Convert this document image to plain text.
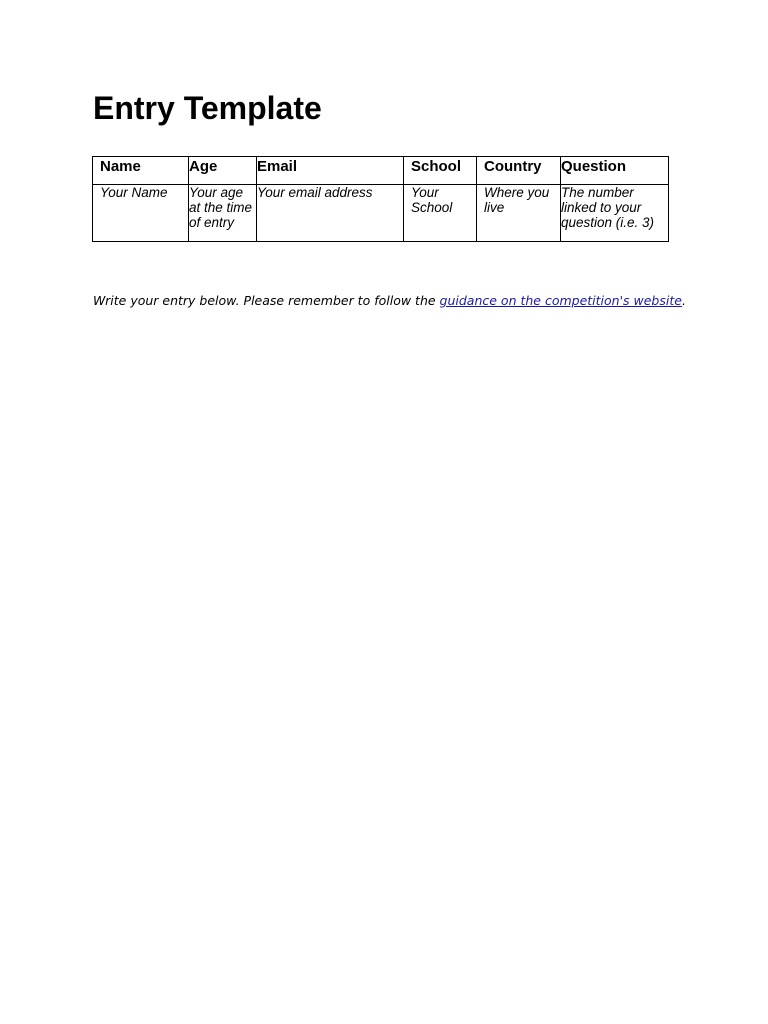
Entry Template
Name	Age	Email	School	Country	Question
Your Name	Your age at the time of entry	Your email address	Your School	Where you live	The number linked to your question (i.e. 3)

Write your entry below. Please remember to follow the guidance on the competition's website.
